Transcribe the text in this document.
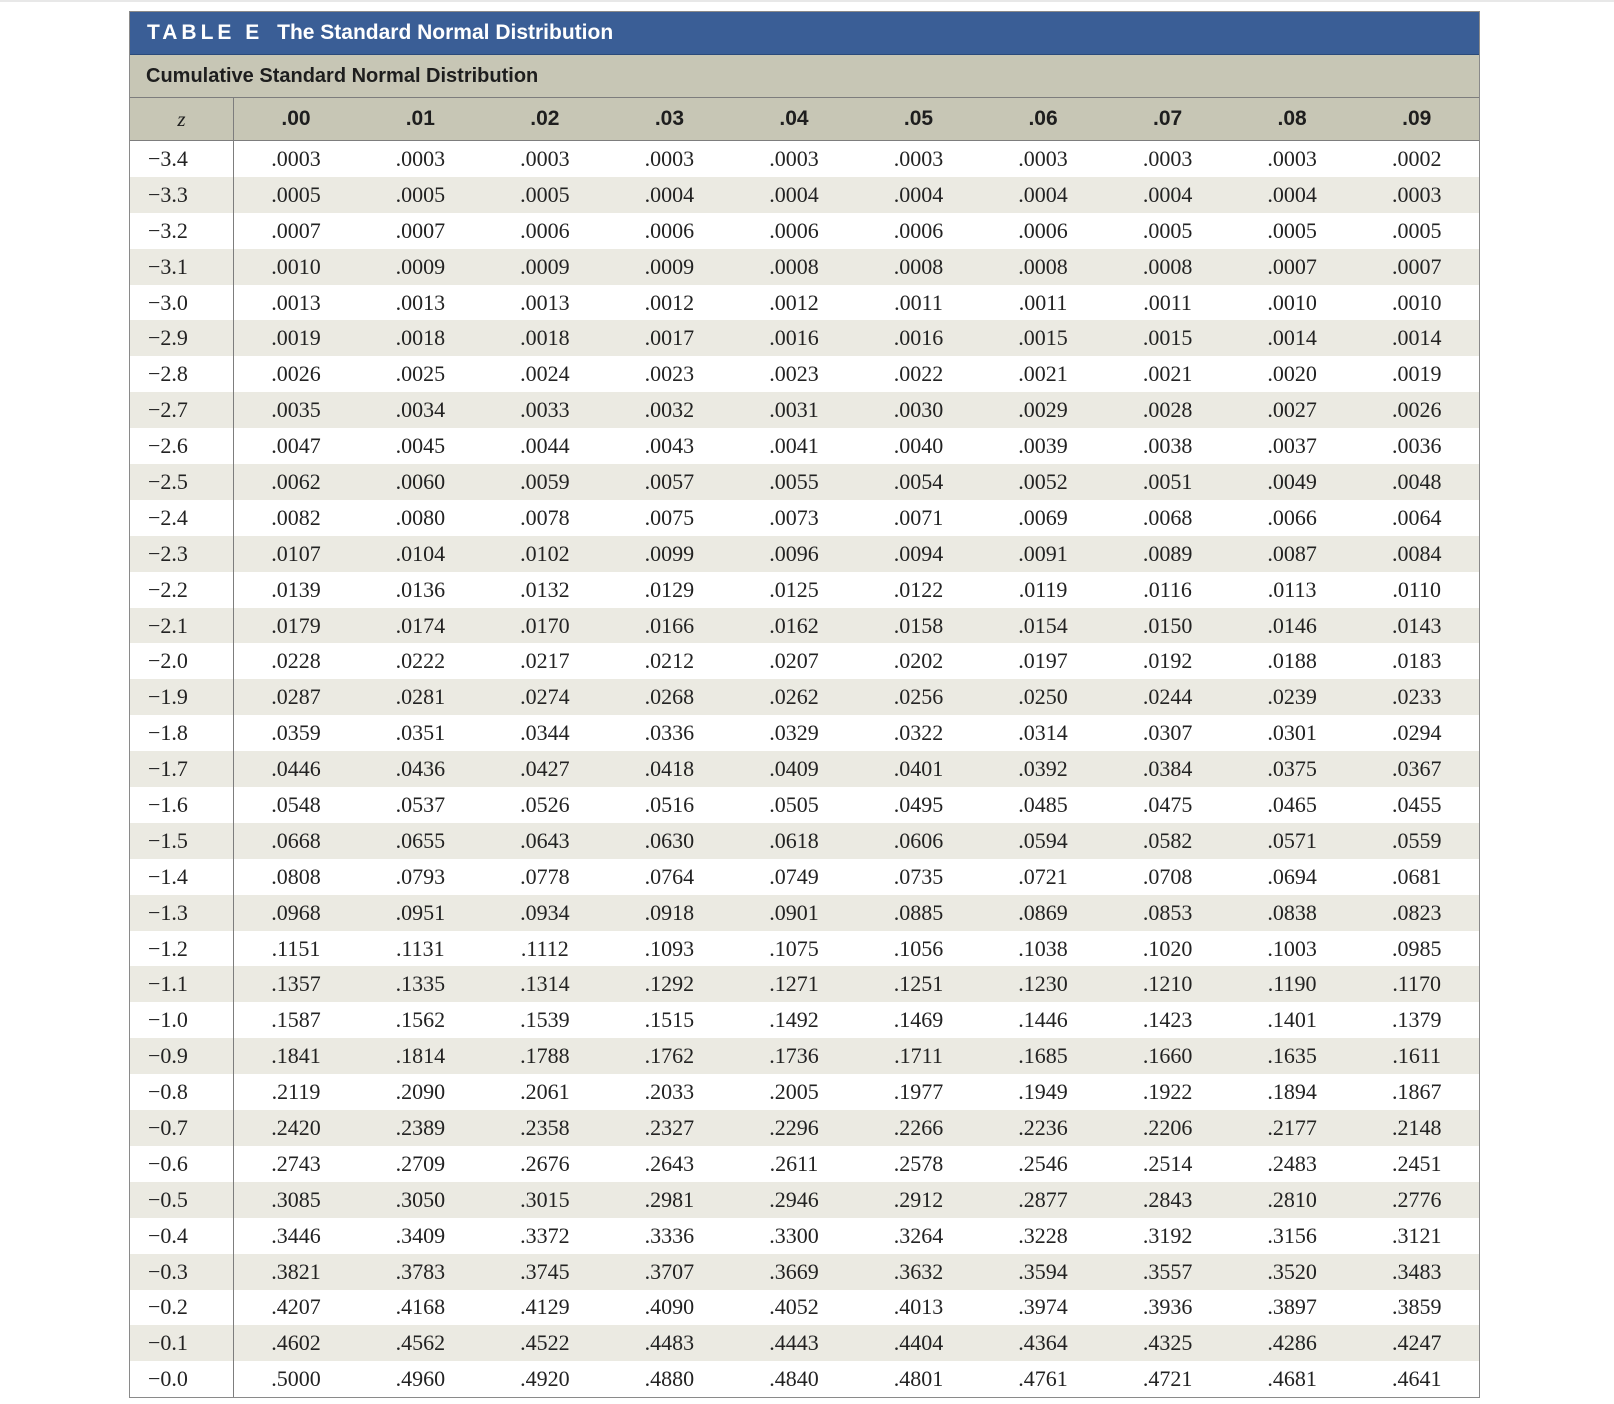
TABLE E The Standard Normal Distribution
Cumulative Standard Normal Distribution
z	.00	.01	.02	.03	.04	.05	.06	.07	.08	.09
−3.4	.0003	.0003	.0003	.0003	.0003	.0003	.0003	.0003	.0003	.0002
−3.3	.0005	.0005	.0005	.0004	.0004	.0004	.0004	.0004	.0004	.0003
−3.2	.0007	.0007	.0006	.0006	.0006	.0006	.0006	.0005	.0005	.0005
−3.1	.0010	.0009	.0009	.0009	.0008	.0008	.0008	.0008	.0007	.0007
−3.0	.0013	.0013	.0013	.0012	.0012	.0011	.0011	.0011	.0010	.0010
−2.9	.0019	.0018	.0018	.0017	.0016	.0016	.0015	.0015	.0014	.0014
−2.8	.0026	.0025	.0024	.0023	.0023	.0022	.0021	.0021	.0020	.0019
−2.7	.0035	.0034	.0033	.0032	.0031	.0030	.0029	.0028	.0027	.0026
−2.6	.0047	.0045	.0044	.0043	.0041	.0040	.0039	.0038	.0037	.0036
−2.5	.0062	.0060	.0059	.0057	.0055	.0054	.0052	.0051	.0049	.0048
−2.4	.0082	.0080	.0078	.0075	.0073	.0071	.0069	.0068	.0066	.0064
−2.3	.0107	.0104	.0102	.0099	.0096	.0094	.0091	.0089	.0087	.0084
−2.2	.0139	.0136	.0132	.0129	.0125	.0122	.0119	.0116	.0113	.0110
−2.1	.0179	.0174	.0170	.0166	.0162	.0158	.0154	.0150	.0146	.0143
−2.0	.0228	.0222	.0217	.0212	.0207	.0202	.0197	.0192	.0188	.0183
−1.9	.0287	.0281	.0274	.0268	.0262	.0256	.0250	.0244	.0239	.0233
−1.8	.0359	.0351	.0344	.0336	.0329	.0322	.0314	.0307	.0301	.0294
−1.7	.0446	.0436	.0427	.0418	.0409	.0401	.0392	.0384	.0375	.0367
−1.6	.0548	.0537	.0526	.0516	.0505	.0495	.0485	.0475	.0465	.0455
−1.5	.0668	.0655	.0643	.0630	.0618	.0606	.0594	.0582	.0571	.0559
−1.4	.0808	.0793	.0778	.0764	.0749	.0735	.0721	.0708	.0694	.0681
−1.3	.0968	.0951	.0934	.0918	.0901	.0885	.0869	.0853	.0838	.0823
−1.2	.1151	.1131	.1112	.1093	.1075	.1056	.1038	.1020	.1003	.0985
−1.1	.1357	.1335	.1314	.1292	.1271	.1251	.1230	.1210	.1190	.1170
−1.0	.1587	.1562	.1539	.1515	.1492	.1469	.1446	.1423	.1401	.1379
−0.9	.1841	.1814	.1788	.1762	.1736	.1711	.1685	.1660	.1635	.1611
−0.8	.2119	.2090	.2061	.2033	.2005	.1977	.1949	.1922	.1894	.1867
−0.7	.2420	.2389	.2358	.2327	.2296	.2266	.2236	.2206	.2177	.2148
−0.6	.2743	.2709	.2676	.2643	.2611	.2578	.2546	.2514	.2483	.2451
−0.5	.3085	.3050	.3015	.2981	.2946	.2912	.2877	.2843	.2810	.2776
−0.4	.3446	.3409	.3372	.3336	.3300	.3264	.3228	.3192	.3156	.3121
−0.3	.3821	.3783	.3745	.3707	.3669	.3632	.3594	.3557	.3520	.3483
−0.2	.4207	.4168	.4129	.4090	.4052	.4013	.3974	.3936	.3897	.3859
−0.1	.4602	.4562	.4522	.4483	.4443	.4404	.4364	.4325	.4286	.4247
−0.0	.5000	.4960	.4920	.4880	.4840	.4801	.4761	.4721	.4681	.4641
